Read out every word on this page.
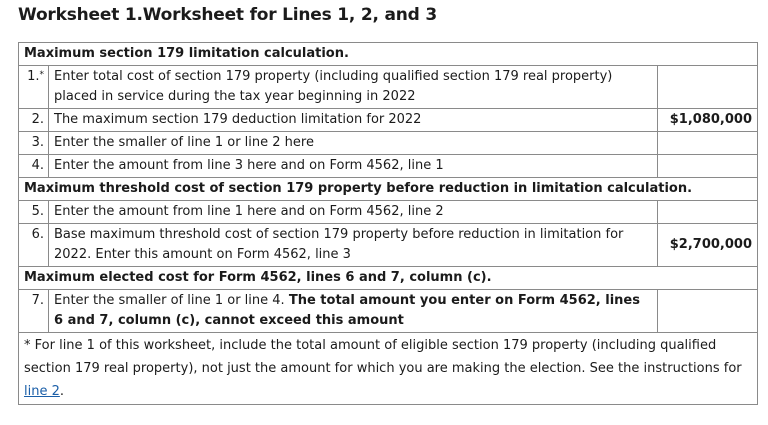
Worksheet 1.Worksheet for Lines 1, 2, and 3
Maximum section 179 limitation calculation.		
1.*	Enter total cost of section 179 property (including qualified section 179 real property) placed in service during the tax year beginning in 2022	
2.	The maximum section 179 deduction limitation for 2022	$1,080,000
3.	Enter the smaller of line 1 or line 2 here	
4.	Enter the amount from line 3 here and on Form 4562, line 1	
Maximum threshold cost of section 179 property before reduction in limitation calculation.		
5.	Enter the amount from line 1 here and on Form 4562, line 2	
6.	Base maximum threshold cost of section 179 property before reduction in limitation for 2022. Enter this amount on Form 4562, line 3	$2,700,000
Maximum elected cost for Form 4562, lines 6 and 7, column (c).		
7.	Enter the smaller of line 1 or line 4. The total amount you enter on Form 4562, lines 6 and 7, column (c), cannot exceed this amount	
* For line 1 of this worksheet, include the total amount of eligible section 179 property (including qualified section 179 real property), not just the amount for which you are making the election. See the instructions for line 2.		
